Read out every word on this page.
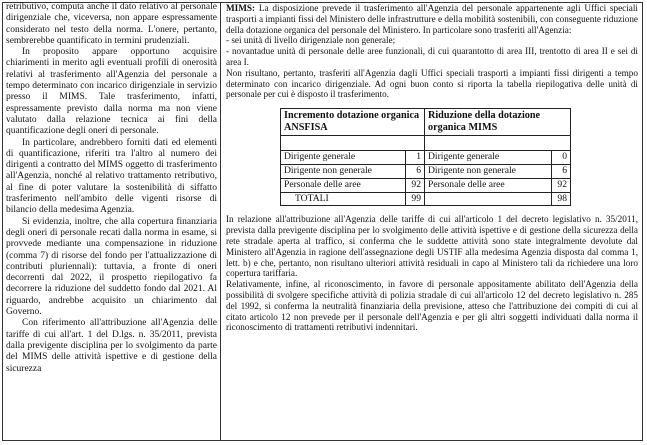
retributivo, computa anche il dato relativo al personale dirigenziale che, viceversa, non appare espressamente considerato nel testo della norma. L'onere, pertanto, sembrerebbe quantificato in termini prudenziali.

In proposito appare opportuno acquisire chiarimenti in merito agli eventuali profili di onerosità relativi al trasferimento all'Agenzia del personale a tempo determinato con incarico dirigenziale in servizio presso il MIMS. Tale trasferimento, infatti, espressamente previsto dalla norma ma non viene valutato dalla relazione tecnica ai fini della quantificazione degli oneri di personale.

In particolare, andrebbero forniti dati ed elementi di quantificazione, riferiti tra l'altro al numero dei dirigenti a contratto del MIMS oggetto di trasferimento all'Agenzia, nonché al relativo trattamento retributivo, al fine di poter valutare la sostenibilità di siffatto trasferimento nell'ambito delle vigenti risorse di bilancio della medesima Agenzia.

Si evidenzia, inoltre, che alla copertura finanziaria degli oneri di personale recati dalla norma in esame, si provvede mediante una compensazione in riduzione (comma 7) di risorse del fondo per l'attualizzazione di contributi pluriennali): tuttavia, a fronte di oneri decorrenti dal 2022, il prospetto riepilogativo fa decorrere la riduzione del suddetto fondo dal 2021. Al riguardo, andrebbe acquisito un chiarimento dal Governo.

Con riferimento all'attribuzione all'Agenzia delle tariffe di cui all'art. 1 del D.lgs. n. 35/2011, prevista dalla previgente disciplina per lo svolgimento da parte del MIMS delle attività ispettive e di gestione della sicurezza

MIMS: La disposizione prevede il trasferimento all'Agenzia del personale appartenente agli Uffici speciali trasporti a impianti fissi del Ministero delle infrastrutture e della mobilità sostenibili, con conseguente riduzione della dotazione organica del personale del Ministero. In particolare sono trasferiti all'Agenzia:

- sei unità di livello dirigenziale non generale;

- novantadue unità di personale delle aree funzionali, di cui quarantotto di area III, trentotto di area II e sei di area I.

Non risultano, pertanto, trasferiti all'Agenzia dagli Uffici speciali trasporti a impianti fissi dirigenti a tempo determinato con incarico dirigenziale. Ad ogni buon conto si riporta la tabella riepilogativa delle unità di personale per cui è disposto il trasferimento.

Incremento dotazione organica ANSFISA		Riduzione della dotazione organica MIMS	

Dirigente generale	1	Dirigente generale	0
Dirigente non generale	6	Dirigente non generale	6
Personale delle aree	92	Personale delle aree	92
TOTALI	99		98

In relazione all'attribuzione all'Agenzia delle tariffe di cui all'articolo 1 del decreto legislativo n. 35/2011, prevista dalla previgente disciplina per lo svolgimento delle attività ispettive e di gestione della sicurezza della rete stradale aperta al traffico, si conferma che le suddette attività sono state integralmente devolute dal Ministero all'Agenzia in ragione dell'assegnazione degli USTIF alla medesima Agenzia disposta dal comma 1, lett. b) e che, pertanto, non risultano ulteriori attività residuali in capo al Ministero tali da richiedere una loro copertura tariffaria.

Relativamente, infine, al riconoscimento, in favore di personale appositamente abilitato dell'Agenzia della possibilità di svolgere specifiche attività di polizia stradale di cui all'articolo 12 del decreto legislativo n. 285 del 1992, si conferma la neutralità finanziaria della previsione, atteso che l'attribuzione dei compiti di cui al citato articolo 12 non prevede per il personale dell'Agenzia e per gli altri soggetti individuati dalla norma il riconoscimento di trattamenti retributivi indennitari.
